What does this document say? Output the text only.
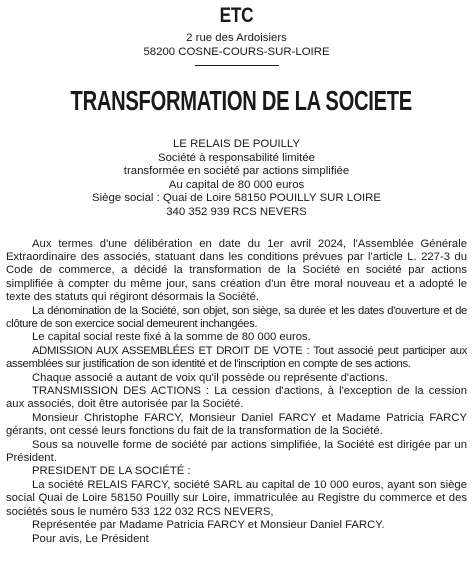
ETC
2 rue des Ardoisiers
58200 COSNE-COURS-SUR-LOIRE
TRANSFORMATION DE LA SOCIETE
LE RELAIS DE POUILLY
Société à responsabilité limitée
transformée en société par actions simplifiée
Au capital de 80 000 euros
Siège social : Quai de Loire 58150 POUILLY SUR LOIRE
340 352 939 RCS NEVERS

Aux termes d'une délibération en date du 1er avril 2024, l'Assemblée Générale Extraordinaire des associés, statuant dans les conditions prévues par l'article L. 227-3 du Code de commerce, a décidé la transformation de la Société en société par actions simplifiée à compter du même jour, sans création d'un être moral nouveau et a adopté le texte des statuts qui régiront désormais la Société.

La dénomination de la Société, son objet, son siège, sa durée et les dates d'ouverture et de clôture de son exercice social demeurent inchangées.

Le capital social reste fixé à la somme de 80 000 euros.

ADMISSION AUX ASSEMBLÉES ET DROIT DE VOTE : Tout associé peut participer aux assemblées sur justification de son identité et de l'inscription en compte de ses actions.

Chaque associé a autant de voix qu'il possède ou représente d'actions.

TRANSMISSION DES ACTIONS : La cession d'actions, à l'exception de la cession aux associés, doit être autorisée par la Société.

Monsieur Christophe FARCY, Monsieur Daniel FARCY et Madame Patricia FARCY gérants, ont cessé leurs fonctions du fait de la transformation de la Société.

Sous sa nouvelle forme de société par actions simplifiée, la Société est dirigée par un Président.

PRESIDENT DE LA SOCIÉTÉ :

La société RELAIS FARCY, société SARL au capital de 10 000 euros, ayant son siège social Quai de Loire 58150 Pouilly sur Loire, immatriculée au Registre du commerce et des sociétés sous le numéro 533 122 032 RCS NEVERS,

Représentée par Madame Patricia FARCY et Monsieur Daniel FARCY.

Pour avis, Le Président
